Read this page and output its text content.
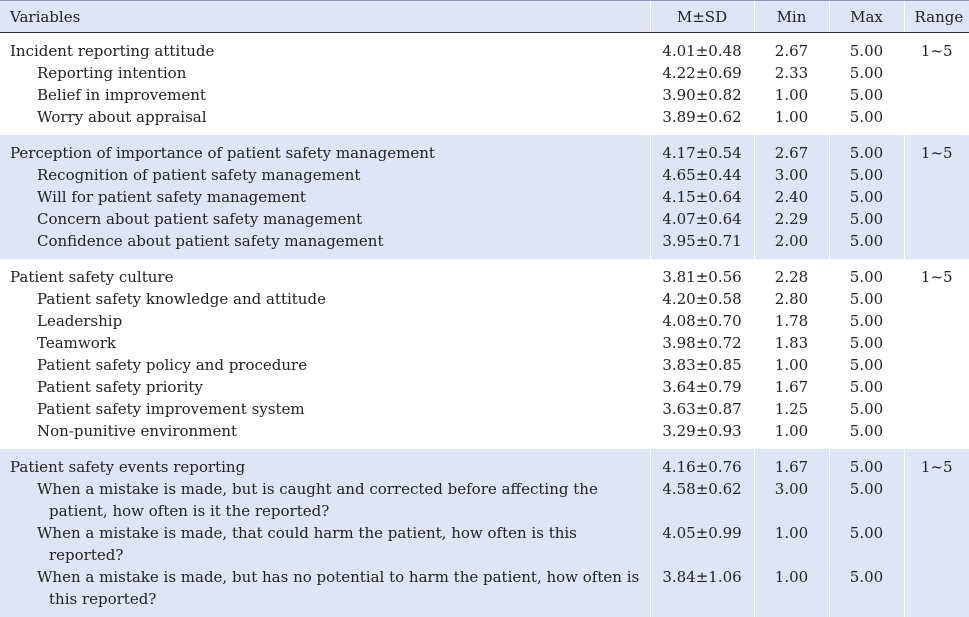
Variables	M±SD	Min	Max	Range
Incident reporting attitude	4.01±0.48	2.67	5.00	1~5

Reporting intention	4.22±0.69	2.33	5.00	

Belief in improvement	3.90±0.82	1.00	5.00	

Worry about appraisal	3.89±0.62	1.00	5.00	
Perception of importance of patient safety management	4.17±0.54	2.67	5.00	1~5

Recognition of patient safety management	4.65±0.44	3.00	5.00	

Will for patient safety management	4.15±0.64	2.40	5.00	

Concern about patient safety management	4.07±0.64	2.29	5.00	

Confidence about patient safety management	3.95±0.71	2.00	5.00	
Patient safety culture	3.81±0.56	2.28	5.00	1~5

Patient safety knowledge and attitude	4.20±0.58	2.80	5.00	

Leadership	4.08±0.70	1.78	5.00	

Teamwork	3.98±0.72	1.83	5.00	

Patient safety policy and procedure	3.83±0.85	1.00	5.00	

Patient safety priority	3.64±0.79	1.67	5.00	

Patient safety improvement system	3.63±0.87	1.25	5.00	

Non-punitive environment	3.29±0.93	1.00	5.00	
Patient safety events reporting	4.16±0.76	1.67	5.00	1~5

When a mistake is made, but is caught and corrected before affecting the patient, how often is it the reported?	4.58±0.62	3.00	5.00	

When a mistake is made, that could harm the patient, how often is this reported?	4.05±0.99	1.00	5.00	

When a mistake is made, but has no potential to harm the patient, how often is this reported?	3.84±1.06	1.00	5.00	
